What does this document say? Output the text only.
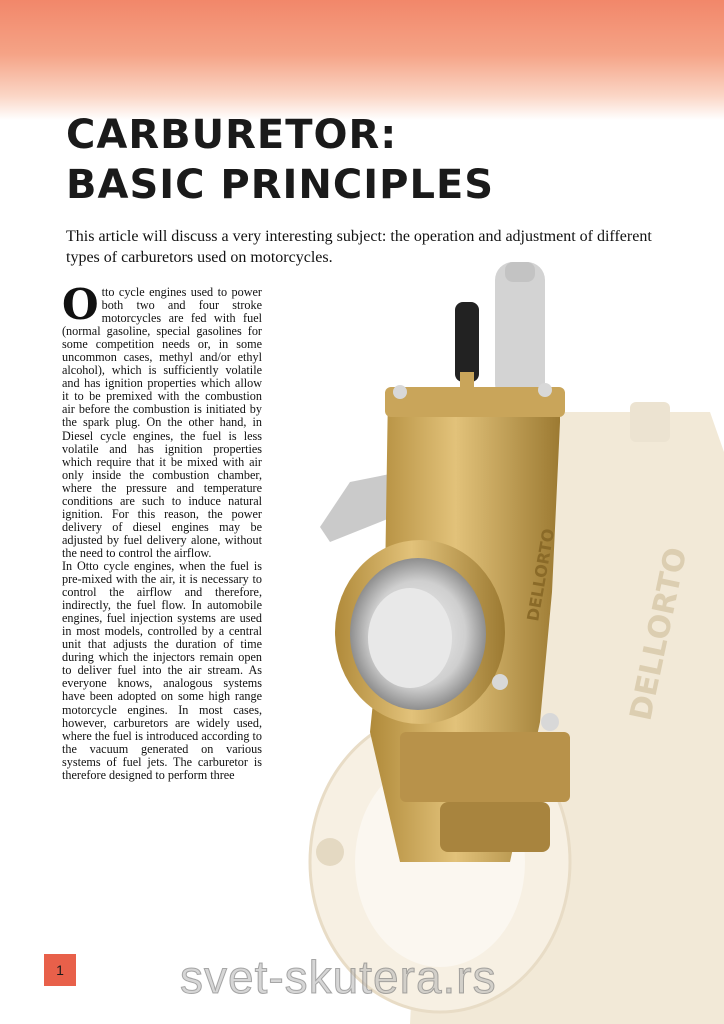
CARBURETOR:
BASIC PRINCIPLES

This article will discuss a very interesting subject: the operation and adjustment of different types of carburetors used on motorcycles.

Otto cycle engines used to power both two and four stroke motorcycles are fed with fuel (normal gasoline, special gasolines for some competition needs or, in some uncommon cases, methyl and/or ethyl alcohol), which is sufficiently volatile and has ignition properties which allow it to be premixed with the combustion air before the combustion is initiated by the spark plug. On the other hand, in Diesel cycle engines, the fuel is less volatile and has ignition properties which require that it be mixed with air only inside the combustion chamber, where the pressure and temperature conditions are such to induce natural ignition. For this reason, the power delivery of diesel engines may be adjusted by fuel delivery alone, without the need to control the airflow.

In Otto cycle engines, when the fuel is pre-mixed with the air, it is necessary to control the airflow and therefore, indirectly, the fuel flow. In automobile engines, fuel injection systems are used in most models, controlled by a central unit that adjusts the duration of time during which the injectors remain open to deliver fuel into the air stream. As everyone knows, analogous systems have been adopted on some high range motorcycle engines. In most cases, however, carburetors are widely used, where the fuel is introduced according to the vacuum generated on various systems of fuel jets. The carburetor is therefore designed to perform three

DELLORTO
DELLORTO
1	svet-skutera.rs
